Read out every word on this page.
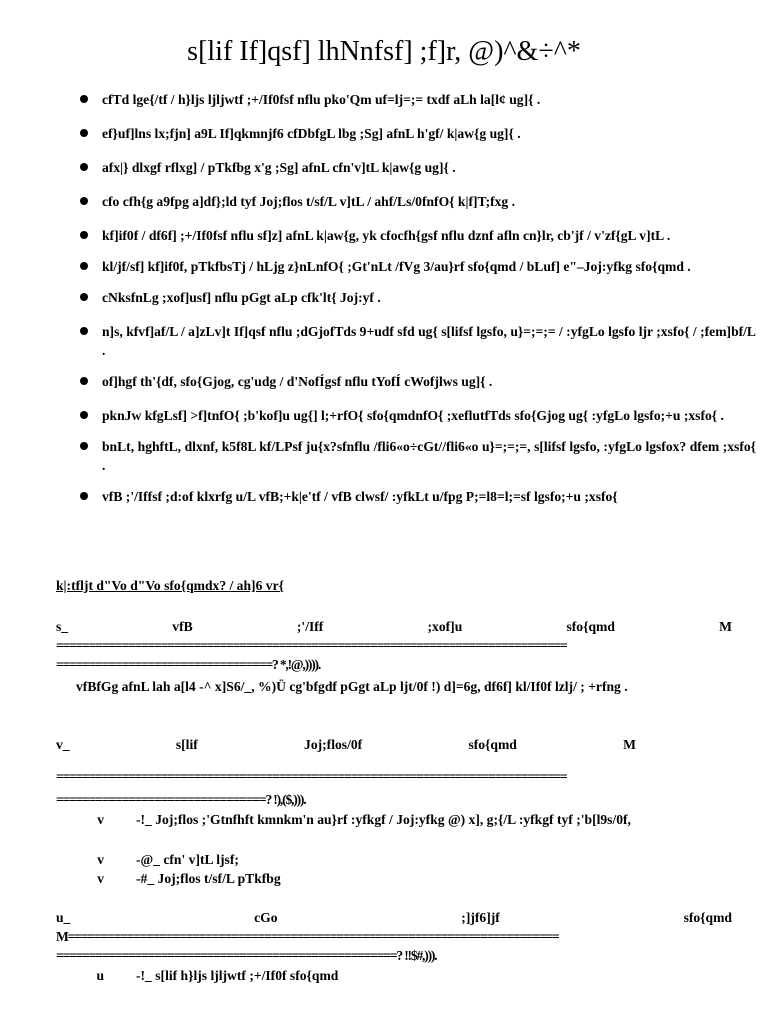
s[lif If]qsf] lhNnfsf] ;f]r, @)^&÷^*
cfTd lge{/tf / h}ljs ljljwtf ;+/If0fsf nflu pko'Qm uf=lj=;= txdf aLh la[l¢ ug]{ .
ef}uf]lns lx;fjn] a9L If]qkmnjf6 cfDbfgL lbg ;Sg] afnL h'gf/ k|aw{g ug]{ .
afx|} dlxgf rflxg] / pTkfbg x'g ;Sg] afnL cfn'v]tL k|aw{g ug]{ .
cfo cfh{g a9fpg a]df};ld tyf Joj;flos t/sf/L v]tL / ahf/Ls/0fnfO{ k|f]T;fxg .
kf]if0f / df6f] ;+/If0fsf nflu sf]z] afnL k|aw{g, yk cfocfh{gsf nflu dznf afln cn}lr, cb'jf / v'zf{gL v]tL .
kl/jf/sf] kf]if0f, pTkfbsTj / hLjg z}nLnfO{ ;Gt'nLt /fVg 3/au}rf sfo{qmd / bLuf] e"–Joj:yfkg sfo{qmd .
cNksfnLg ;xof]usf] nflu pGgt aLp cfk'lt{ Joj:yf .
n]s, kfvf]af/L / a]zLv]t If]qsf nflu ;dGjofTds 9+udf sfd ug{ s[lifsf lgsfo, u}=;=;= / :yfgLo lgsfo ljr ;xsfo{ / ;fem]bf/L .
of]hgf th'{df, sfo{Gjog, cg'udg / d'NofÍgsf nflu tYofÍ cWofjlws ug]{ .
pknJw kfgLsf] >f]tnfO{ ;b'kof]u ug{] l;+rfO{ sfo{qmdnfO{ ;xeflutfTds sfo{Gjog ug{ :yfgLo lgsfo;+u ;xsfo{ .
bnLt, hghftL, dlxnf, k5f8L kf/LPsf ju{x?sfnflu /fli6«o÷cGt//fli6«o u}=;=;=, s[lifsf lgsfo, :yfgLo lgsfox? dfem ;xsfo{ .
vfB ;'/Iffsf ;d:of klxrfg u/L vfB;+k|e'tf / vfB clwsf/ :yfkLt u/fpg P;=l8=l;=sf lgsfo;+u ;xsfo{
k|:tfljt d"Vo d"Vo sfo{qmdx? / ah]6 vr{
s_	vfB	;'/Iff	;xof]u	sfo{qmd	M
==============================================================================
=================================? *,!@,)))).
vfBfGg afnL lah a[l4 -^ x]S6/_, %)Ü cg'bfgdf pGgt aLp ljt/0f !) d]=6g, df6f] kl/If0f lzlj/ ; +rfng .
v_	s[lif	Joj;flos/0f	sfo{qmd	M
==============================================================================
================================? !),($,))).
v -!_ Joj;flos ;'Gtnfhft kmnkm'n au}rf :yfkgf / Joj:yfkg @) x], g;{/L :yfkgf tyf ;'b[l9s/0f,
v -@_ cfn' v]tL ljsf;
v -#_ Joj;flos t/sf/L pTkfbg
u_	cGo	;]jf6]jf	sfo{qmd
M===========================================================================
====================================================? !!$#,))).
u -!_ s[lif h}ljs ljljwtf ;+/If0f sfo{qmd
